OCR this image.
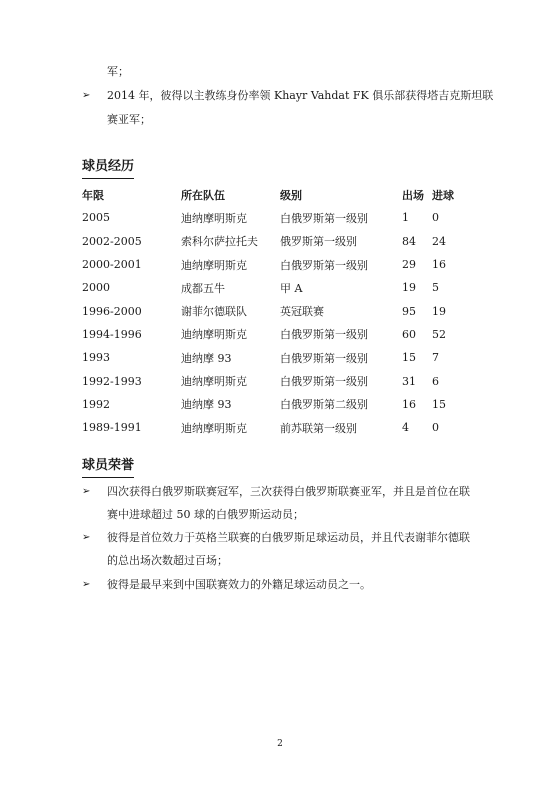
军；
➢ 2014 年，彼得以主教练身份率领 Khayr Vahdat FK 俱乐部获得塔吉克斯坦联
赛亚军；
球员经历
年限	所在队伍	级别	出场	进球
2005	迪纳摩明斯克	白俄罗斯第一级别	1	0
2002-2005	索科尔萨拉托夫	俄罗斯第一级别	84	24
2000-2001	迪纳摩明斯克	白俄罗斯第一级别	29	16
2000	成都五牛	甲 A	19	5
1996-2000	谢菲尔德联队	英冠联赛	95	19
1994-1996	迪纳摩明斯克	白俄罗斯第一级别	60	52
1993	迪纳摩 93	白俄罗斯第一级别	15	7
1992-1993	迪纳摩明斯克	白俄罗斯第一级别	31	6
1992	迪纳摩 93	白俄罗斯第二级别	16	15
1989-1991	迪纳摩明斯克	前苏联第一级别	4	0
球员荣誉
➢ 四次获得白俄罗斯联赛冠军，三次获得白俄罗斯联赛亚军，并且是首位在联
赛中进球超过 50 球的白俄罗斯运动员；
➢ 彼得是首位效力于英格兰联赛的白俄罗斯足球运动员，并且代表谢菲尔德联
的总出场次数超过百场；
➢ 彼得是最早来到中国联赛效力的外籍足球运动员之一。
2
